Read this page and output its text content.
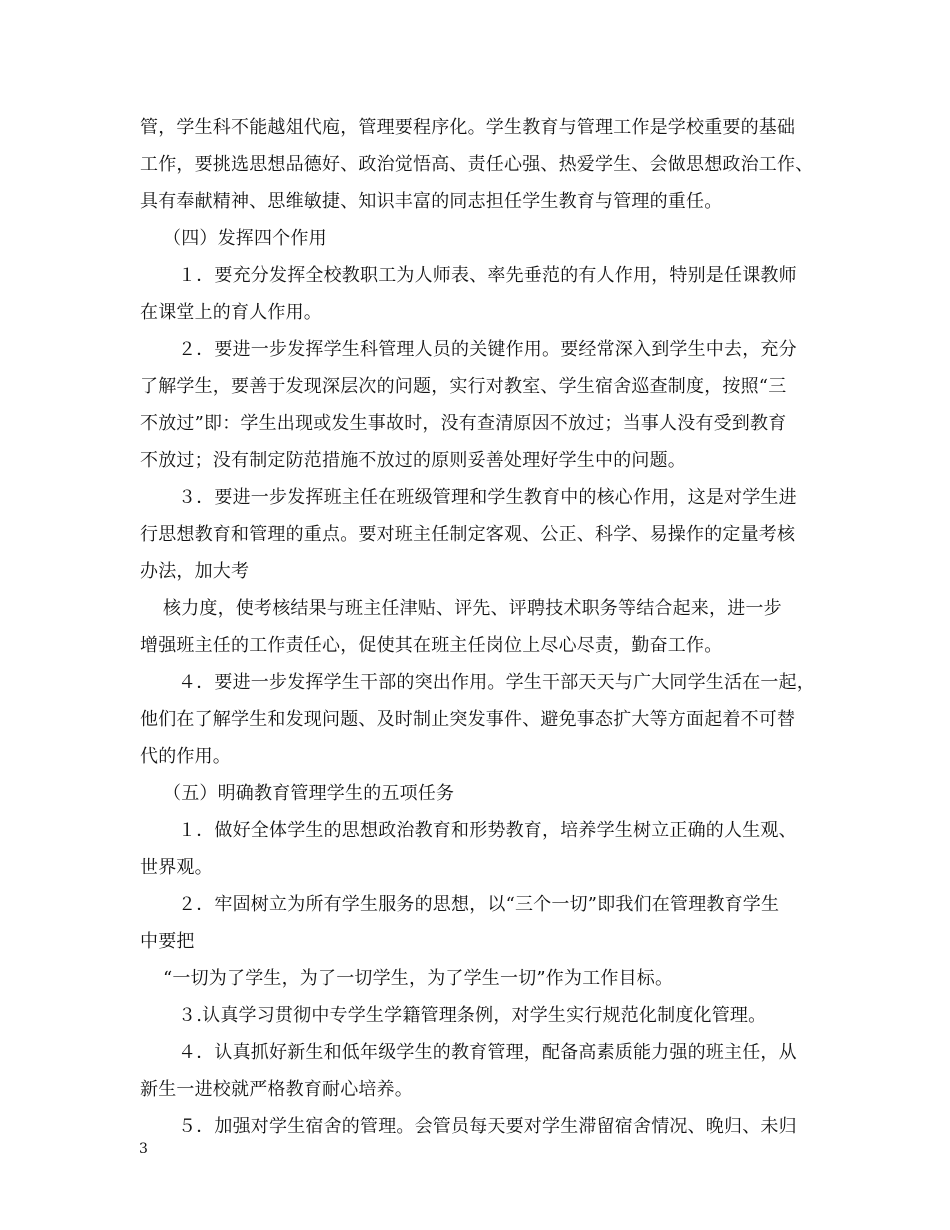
管，学生科不能越俎代庖，管理要程序化。学生教育与管理工作是学校重要的基础
工作，要挑选思想品德好、政治觉悟高、责任心强、热爱学生、会做思想政治工作、
具有奉献精神、思维敏捷、知识丰富的同志担任学生教育与管理的重任。
（四）发挥四个作用
１．要充分发挥全校教职工为人师表、率先垂范的有人作用，特别是任课教师
在课堂上的育人作用。
２．要进一步发挥学生科管理人员的关键作用。要经常深入到学生中去，充分
了解学生，要善于发现深层次的问题，实行对教室、学生宿舍巡查制度，按照“三
不放过”即：学生出现或发生事故时，没有查清原因不放过；当事人没有受到教育
不放过；没有制定防范措施不放过的原则妥善处理好学生中的问题。
３．要进一步发挥班主任在班级管理和学生教育中的核心作用，这是对学生进
行思想教育和管理的重点。要对班主任制定客观、公正、科学、易操作的定量考核
办法，加大考
核力度，使考核结果与班主任津贴、评先、评聘技术职务等结合起来，进一步
增强班主任的工作责任心，促使其在班主任岗位上尽心尽责，勤奋工作。
４．要进一步发挥学生干部的突出作用。学生干部天天与广大同学生活在一起，
他们在了解学生和发现问题、及时制止突发事件、避免事态扩大等方面起着不可替
代的作用。
（五）明确教育管理学生的五项任务
１．做好全体学生的思想政治教育和形势教育，培养学生树立正确的人生观、
世界观。
２．牢固树立为所有学生服务的思想，以“三个一切”即我们在管理教育学生
中要把
“一切为了学生，为了一切学生，为了学生一切”作为工作目标。
３.认真学习贯彻中专学生学籍管理条例，对学生实行规范化制度化管理。
４．认真抓好新生和低年级学生的教育管理，配备高素质能力强的班主任，从
新生一进校就严格教育耐心培养。
５．加强对学生宿舍的管理。会管员每天要对学生滞留宿舍情况、晚归、未归
3
